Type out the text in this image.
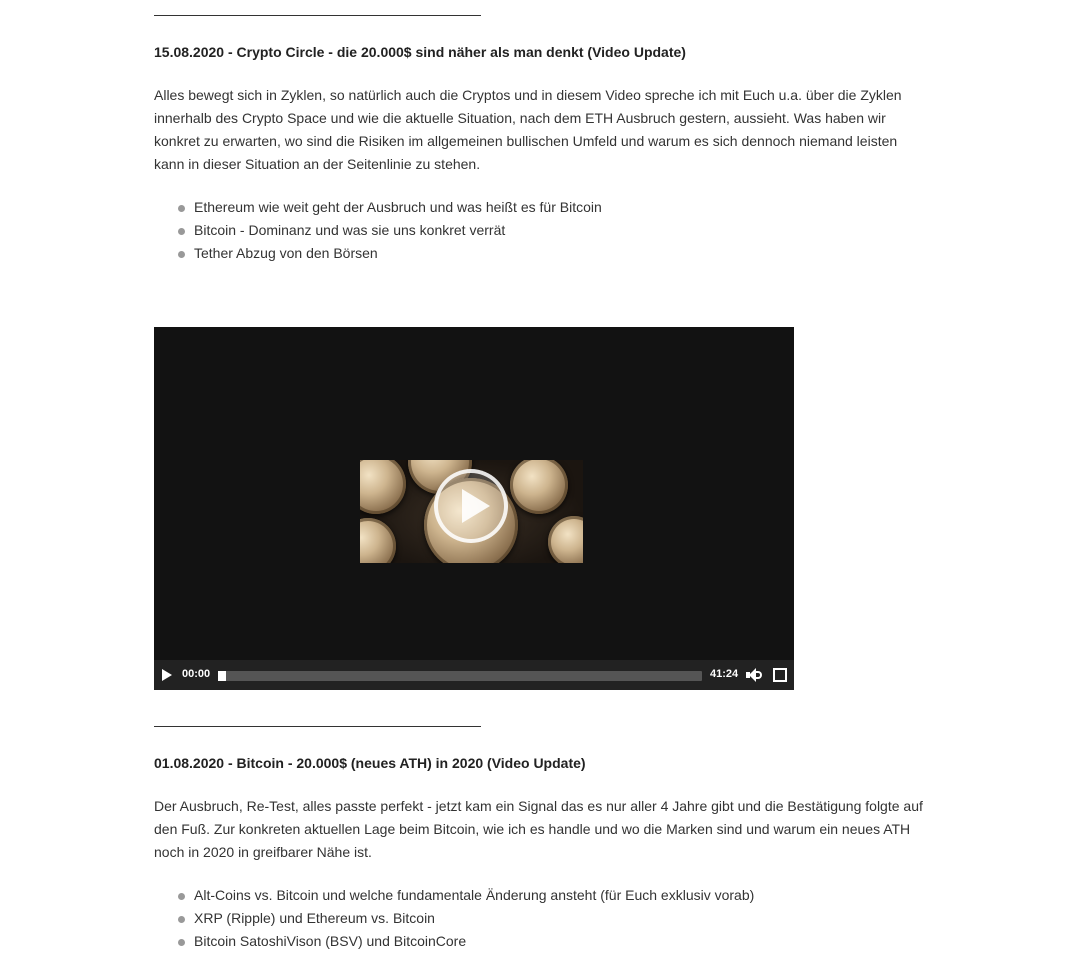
15.08.2020 - Crypto Circle - die 20.000$ sind näher als man denkt (Video Update)

Alles bewegt sich in Zyklen, so natürlich auch die Cryptos und in diesem Video spreche ich mit Euch u.a. über die Zyklen innerhalb des Crypto Space und wie die aktuelle Situation, nach dem ETH Ausbruch gestern, aussieht. Was haben wir konkret zu erwarten, wo sind die Risiken im allgemeinen bullischen Umfeld und warum es sich dennoch niemand leisten kann in dieser Situation an der Seitenlinie zu stehen.

Ethereum wie weit geht der Ausbruch und was heißt es für Bitcoin
Bitcoin - Dominanz und was sie uns konkret verrät
Tether Abzug von den Börsen
00:00	41:24
01.08.2020 - Bitcoin - 20.000$ (neues ATH) in 2020 (Video Update)

Der Ausbruch, Re-Test, alles passte perfekt - jetzt kam ein Signal das es nur aller 4 Jahre gibt und die Bestätigung folgte auf den Fuß. Zur konkreten aktuellen Lage beim Bitcoin, wie ich es handle und wo die Marken sind und warum ein neues ATH noch in 2020 in greifbarer Nähe ist.

Alt-Coins vs. Bitcoin und welche fundamentale Änderung ansteht (für Euch exklusiv vorab)
XRP (Ripple) und Ethereum vs. Bitcoin
Bitcoin SatoshiVison (BSV) und BitcoinCore
